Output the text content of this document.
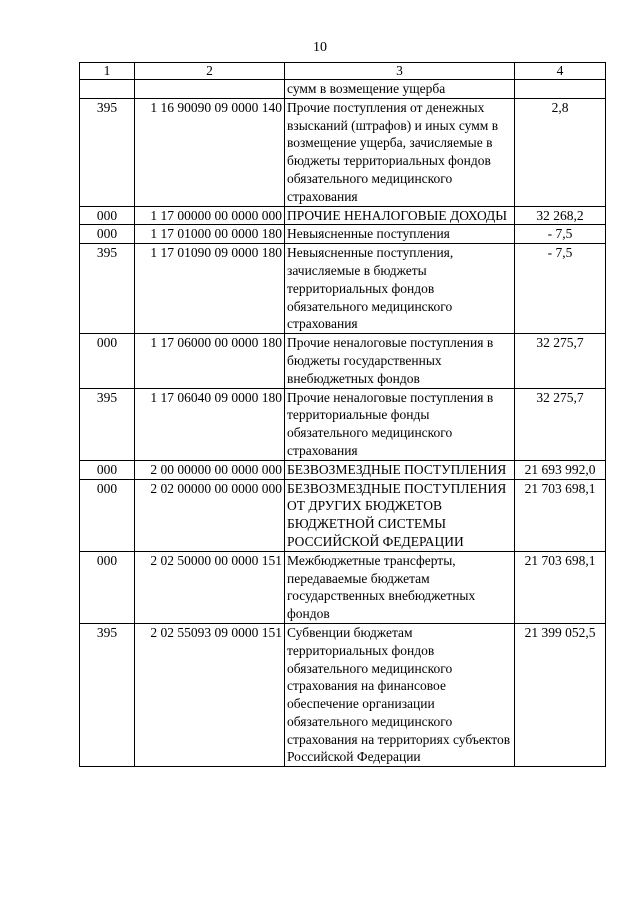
10
1	2	3	4
		сумм в возмещение ущерба	
395	1 16 90090 09 0000 140	Прочие поступления от денежных взысканий (штрафов) и иных сумм в возмещение ущерба, зачисляемые в бюджеты территориальных фондов обязательного медицинского страхования	2,8
000	1 17 00000 00 0000 000	ПРОЧИЕ НЕНАЛОГОВЫЕ ДОХОДЫ	32 268,2
000	1 17 01000 00 0000 180	Невыясненные поступления	- 7,5
395	1 17 01090 09 0000 180	Невыясненные поступления, зачисляемые в бюджеты территориальных фондов обязательного медицинского страхования	- 7,5
000	1 17 06000 00 0000 180	Прочие неналоговые поступления в бюджеты государственных внебюджетных фондов	32 275,7
395	1 17 06040 09 0000 180	Прочие неналоговые поступления в территориальные фонды обязательного медицинского страхования	32 275,7
000	2 00 00000 00 0000 000	БЕЗВОЗМЕЗДНЫЕ ПОСТУПЛЕНИЯ	21 693 992,0
000	2 02 00000 00 0000 000	БЕЗВОЗМЕЗДНЫЕ ПОСТУПЛЕНИЯ ОТ ДРУГИХ БЮДЖЕТОВ БЮДЖЕТНОЙ СИСТЕМЫ РОССИЙСКОЙ ФЕДЕРАЦИИ	21 703 698,1
000	2 02 50000 00 0000 151	Межбюджетные трансферты, передаваемые бюджетам государственных внебюджетных фондов	21 703 698,1
395	2 02 55093 09 0000 151	Субвенции бюджетам территориальных фондов обязательного медицинского страхования на финансовое обеспечение организации обязательного медицинского страхования на территориях субъектов Российской Федерации	21 399 052,5
